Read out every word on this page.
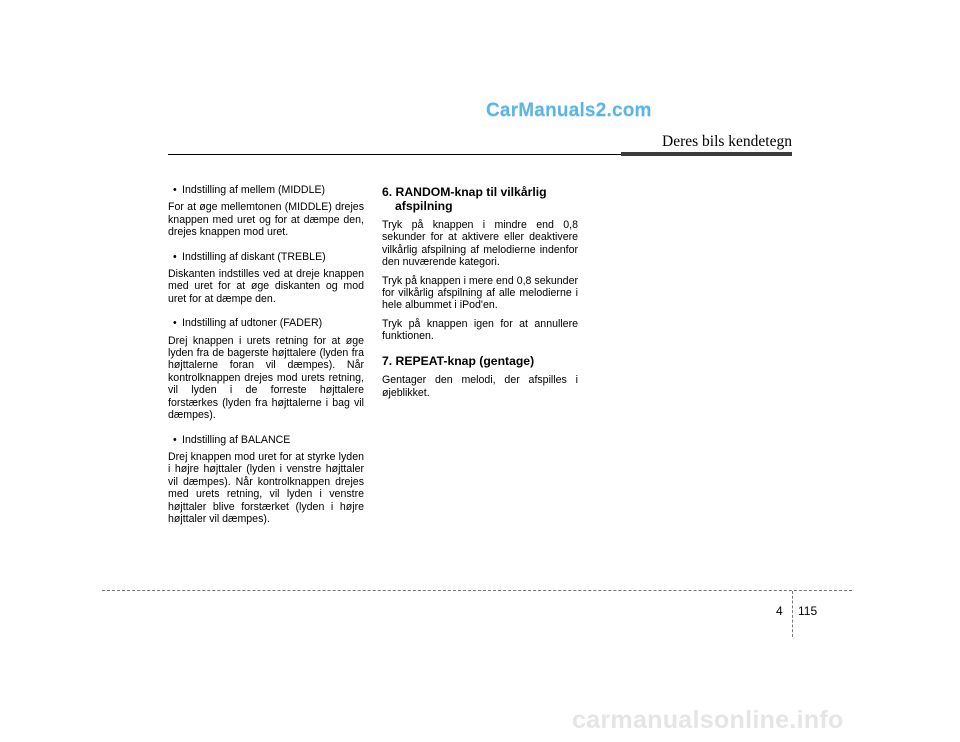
CarManuals2.com
Deres bils kendetegn
• Indstilling af mellem (MIDDLE)
For at øge mellemtonen (MIDDLE) drejes knappen med uret og for at dæmpe den, drejes knappen mod uret.
• Indstilling af diskant (TREBLE)
Diskanten indstilles ved at dreje knappen med uret for at øge diskanten og mod uret for at dæmpe den.
• Indstilling af udtoner (FADER)
Drej knappen i urets retning for at øge lyden fra de bagerste højttalere (lyden fra højttalerne foran vil dæmpes). Når kontrolknappen drejes mod urets retning, vil lyden i de forreste højttalere forstærkes (lyden fra højttalerne i bag vil dæmpes).
• Indstilling af BALANCE
Drej knappen mod uret for at styrke lyden i højre højttaler (lyden i venstre højttaler vil dæmpes). Når kontrolknappen drejes med urets retning, vil lyden i venstre højttaler blive forstærket (lyden i højre højttaler vil dæmpes).
6. RANDOM-knap til vilkårlig
afspilning
Tryk på knappen i mindre end 0,8 sekunder for at aktivere eller deaktivere vilkårlig afspilning af melodierne indenfor den nuværende kategori.
Tryk på knappen i mere end 0,8 sekunder for vilkårlig afspilning af alle melodierne i hele albummet i iPod'en.
Tryk på knappen igen for at annullere funktionen.
7. REPEAT-knap (gentage)
Gentager den melodi, der afspilles i øjeblikket.
4 115
carmanualsonline.info
